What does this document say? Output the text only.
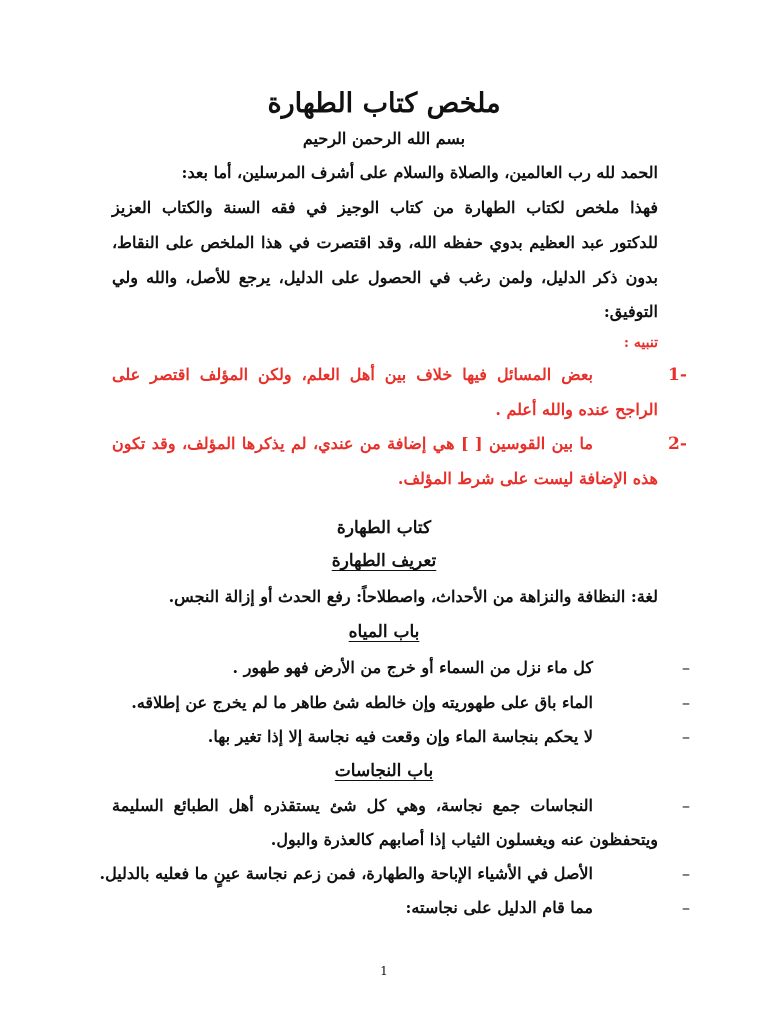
ملخص كتاب الطهارة
بسم الله الرحمن الرحيم
الحمد لله رب العالمين، والصلاة والسلام على أشرف المرسلين، أما بعد:
فهذا ملخص لكتاب الطهارة من كتاب الوجيز في فقه السنة والكتاب العزيز
للدكتور عبد العظيم بدوي حفظه الله، وقد اقتصرت في هذا الملخص على النقاط،
بدون ذكر الدليل، ولمن رغب في الحصول على الدليل، يرجع للأصل، والله ولي
التوفيق:
تنبيه :
1-
بعض المسائل فيها خلاف بين أهل العلم، ولكن المؤلف اقتصر على
الراجح عنده والله أعلم .
2-
ما بين القوسين [ ] هي إضافة من عندي، لم يذكرها المؤلف، وقد تكون
هذه الإضافة ليست على شرط المؤلف.
كتاب الطهارة
تعريف الطهارة
لغة: النظافة والنزاهة من الأحداث، واصطلاحاً: رفع الحدث أو إزالة النجس.
باب المياه
–
كل ماء نزل من السماء أو خرج من الأرض فهو طهور .
–
الماء باق على طهوريته وإن خالطه شئ طاهر ما لم يخرج عن إطلاقه.
–
لا يحكم بنجاسة الماء وإن وقعت فيه نجاسة إلا إذا تغير بها.
باب النجاسات
–
النجاسات جمع نجاسة، وهي كل شئ يستقذره أهل الطبائع السليمة
ويتحفظون عنه ويغسلون الثياب إذا أصابهم كالعذرة والبول.
–
الأصل في الأشياء الإباحة والطهارة، فمن زعم نجاسة عينٍ ما فعليه بالدليل.
–
مما قام الدليل على نجاسته:
1
